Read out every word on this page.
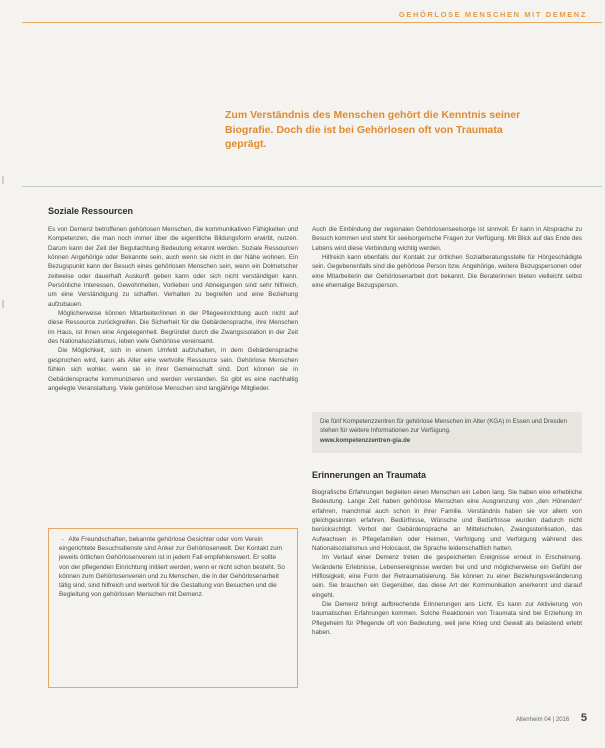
GEHÖRLOSE MENSCHEN MIT DEMENZ
Zum Verständnis des Menschen gehört die Kenntnis seiner Biografie. Doch die ist bei Gehörlosen oft von Traumata geprägt.
Soziale Ressourcen

Es von Demenz betroffenen gehörlosen Menschen, die kommunikativen Fähigkeiten und Kompetenzen, die man noch immer über die eigentliche Bildungsform erwirbt, nutzen. Darum kann der Zeit der Begutachtung Bedeutung erkannt werden. Soziale Ressourcen können Angehörige oder Bekannte sein, auch wenn sie nicht in der Nähe wohnen. Ein Bezugspunkt kann der Besuch eines gehörlosen Menschen sein, wenn ein Dolmetscher zeitweise oder dauerhaft Auskunft geben kann oder sich nicht verständigen kann. Persönliche Interessen, Gewohnheiten, Vorlieben und Abneigungen sind sehr hilfreich, um eine Verständigung zu schaffen. Verhalten zu begreifen und eine Beziehung aufzubauen.

Möglicherweise können Mitarbeiter/innen in der Pflegeeinrichtung auch nicht auf diese Ressource zurückgreifen. Die Sicherheit für die Gebärdensprache, ihre Menschen im Haus, ist ihnen eine Angelegenheit. Begründet durch die Zwangsisolation in der Zeit des Nationalsozialismus, leben viele Gehörlose vereinsamt.

Die Möglichkeit, sich in einem Umfeld aufzuhalten, in dem Gebärdensprache gesprochen wird, kann als Alter eine wertvolle Ressource sein. Gehörlose Menschen fühlen sich wohler, wenn sie in ihrer Gemeinschaft sind. Dort können sie in Gebärdensprache kommunizieren und werden verstanden. So gibt es eine nachhaltig angelegte Veranstaltung. Viele gehörlose Menschen sind langjährige Mitglieder.

Auch die Einbindung der regionalen Gehörlosenseelsorge ist sinnvoll. Er kann in Absprache zu Besuch kommen und steht für seelsorgerische Fragen zur Verfügung. Mit Blick auf das Ende des Lebens wird diese Verbindung wichtig werden.

Hilfreich kann ebenfalls der Kontakt zur örtlichen Sozialberatungsstelle für Hörgeschädigte sein. Gegebenenfalls sind die gehörlose Person bzw. Angehörige, weitere Bezugspersonen oder eine Mitarbeiterin der Gehörlosenarbeit dort bekannt. Die Beraterinnen bieten vielleicht selbst eine ehemalige Bezugsperson.

Die fünf Kompetenzzentren für gehörlose Menschen im Alter (KGA) in Essen und Dresden stehen für weitere Informationen zur Verfügung.
www.kompetenzzentren-gia.de
Erinnerungen an Traumata

Biografische Erfahrungen begleiten einen Menschen ein Leben lang. Sie haben eine erhebliche Bedeutung. Lange Zeit haben gehörlose Menschen eine Ausgrenzung von „den Hörenden“ erfahren, manchmal auch schon in ihrer Familie. Verständnis haben sie vor allem von gleichgesinnten erfahren. Bedürfnisse, Wünsche und Bedürfnisse wurden dadurch nicht berücksichtigt. Verbot der Gebärdensprache an Mittelschulen, Zwangssterilisation, das Aufwachsen in Pflegefamilien oder Heimen, Verfolgung und Verfolgung während des Nationalsozialismus und Holocaust, die Sprache leidenschaftlich hatten.

Im Verlauf einer Demenz treten die gespeicherten Ereignisse erneut in Erscheinung. Veränderte Erlebnisse, Lebensereignisse werden frei und und möglicherweise ein Gefühl der Hilflosigkeit, eine Form der Retraumatisierung. Sie können zu einer Beziehungsveränderung sein. Sie brauchen ein Gegenüber, das diese Art der Kommunikation anerkennt und darauf eingeht.

Die Demenz bringt aufbrechende Erinnerungen ans Licht. Es kann zur Aktivierung von traumatischen Erfahrungen kommen. Solche Reaktionen von Traumata sind bei Erziehung im Pflegeheim für Pflegende oft von Bedeutung, weil jene Krieg und Gewalt als belastend erlebt haben.

→ Alte Freundschaften, bekannte gehörlose Gesichter oder vom Verein eingerichtete Besuchsdienste sind Anker zur Gehörlosenwelt. Der Kontakt zum jeweils örtlichen Gehörlosenverein ist in jedem Fall empfehlenswert. Er sollte von der pflegenden Einrichtung initiiert werden, wenn er nicht schon besteht. So können zum Gehörlosenverein und zu Menschen, die in der Gehörlosenarbeit tätig sind, sind hilfreich und wertvoll für die Gestaltung von Besuchen und die Begleitung von gehörlosen Menschen mit Demenz.
Altenheim 04 | 2016 5
